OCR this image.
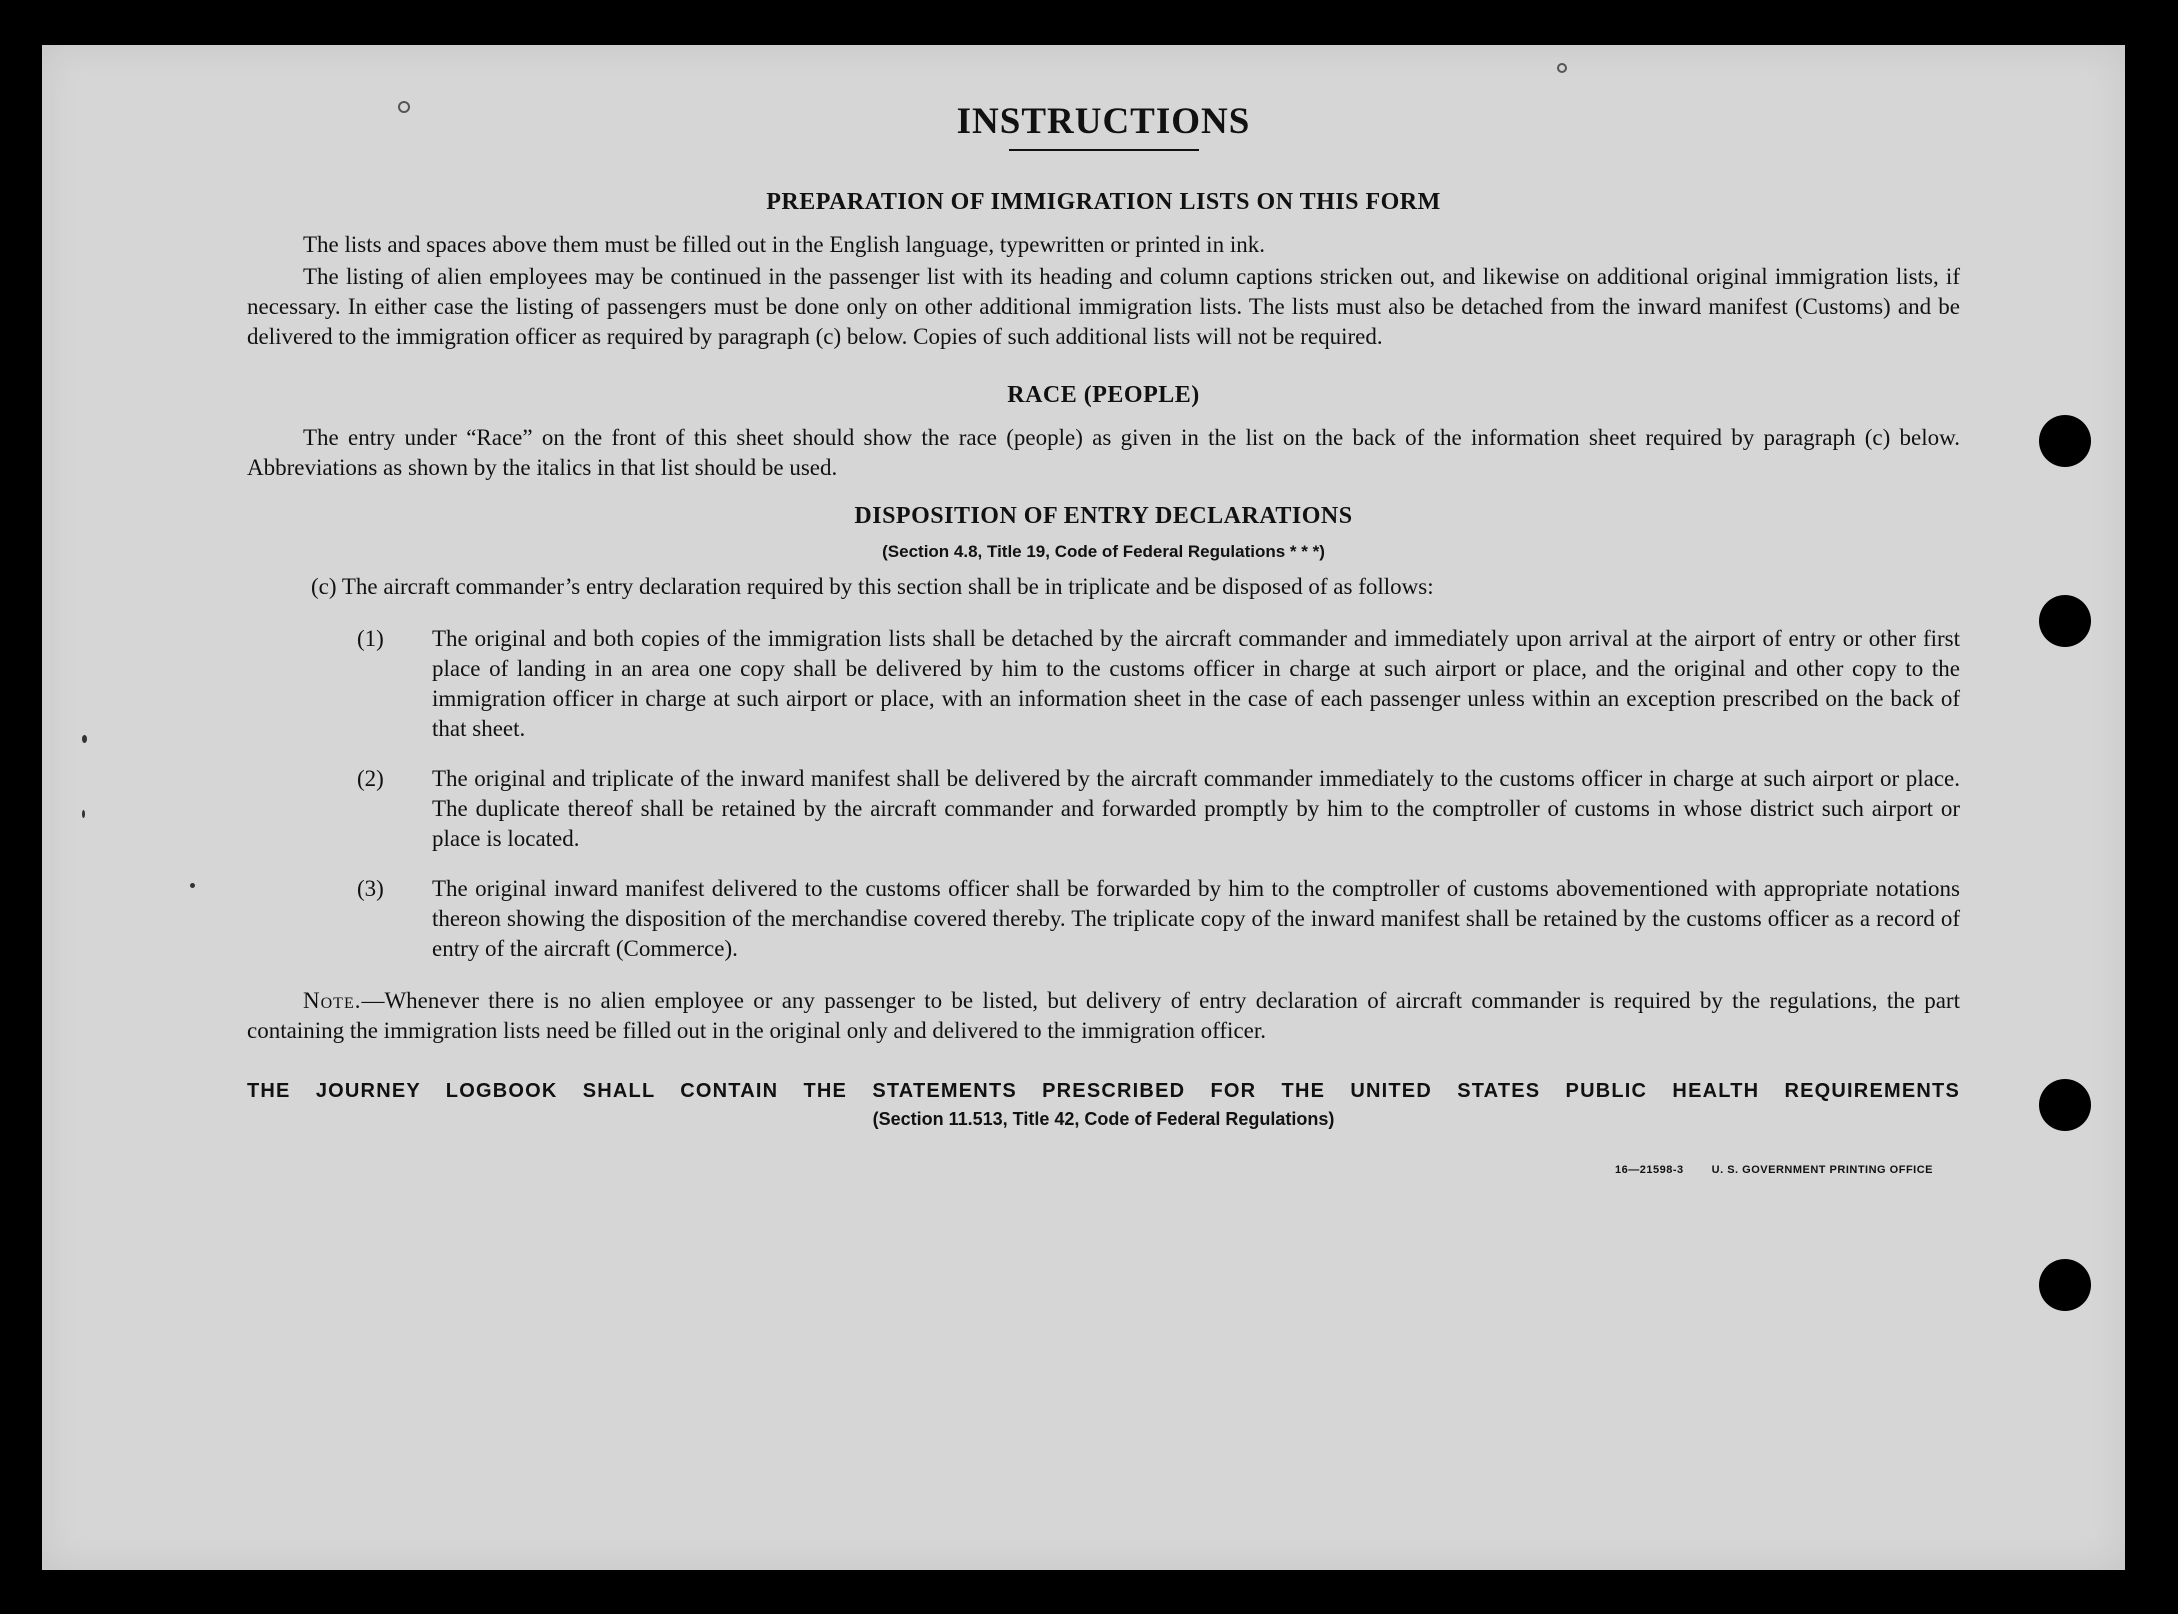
INSTRUCTIONS
PREPARATION OF IMMIGRATION LISTS ON THIS FORM

The lists and spaces above them must be filled out in the English language, typewritten or printed in ink.

The listing of alien employees may be continued in the passenger list with its heading and column captions stricken out, and likewise on additional original immigration lists, if necessary. In either case the listing of passengers must be done only on other additional immigration lists. The lists must also be detached from the inward manifest (Customs) and be delivered to the immigration officer as required by paragraph (c) below. Copies of such additional lists will not be required.

RACE (PEOPLE)

The entry under “Race” on the front of this sheet should show the race (people) as given in the list on the back of the information sheet required by paragraph (c) below. Abbreviations as shown by the italics in that list should be used.

DISPOSITION OF ENTRY DECLARATIONS
(Section 4.8, Title 19, Code of Federal Regulations * * *)

(c) The aircraft commander’s entry declaration required by this section shall be in triplicate and be disposed of as follows:

(1) The original and both copies of the immigration lists shall be detached by the aircraft commander and immediately upon arrival at the airport of entry or other first place of landing in an area one copy shall be delivered by him to the customs officer in charge at such airport or place, and the original and other copy to the immigration officer in charge at such airport or place, with an information sheet in the case of each passenger unless within an exception prescribed on the back of that sheet.
(2) The original and triplicate of the inward manifest shall be delivered by the aircraft commander immediately to the customs officer in charge at such airport or place. The duplicate thereof shall be retained by the aircraft commander and forwarded promptly by him to the comptroller of customs in whose district such airport or place is located.
(3) The original inward manifest delivered to the customs officer shall be forwarded by him to the comptroller of customs abovementioned with appropriate notations thereon showing the disposition of the merchandise covered thereby. The triplicate copy of the inward manifest shall be retained by the customs officer as a record of entry of the aircraft (Commerce).

Note.—Whenever there is no alien employee or any passenger to be listed, but delivery of entry declaration of aircraft commander is required by the regulations, the part containing the immigration lists need be filled out in the original only and delivered to the immigration officer.

THE JOURNEY LOGBOOK SHALL CONTAIN THE STATEMENTS PRESCRIBED FOR THE UNITED STATES PUBLIC HEALTH REQUIREMENTS
(Section 11.513, Title 42, Code of Federal Regulations)
16—21598‑3	U. S. GOVERNMENT PRINTING OFFICE
